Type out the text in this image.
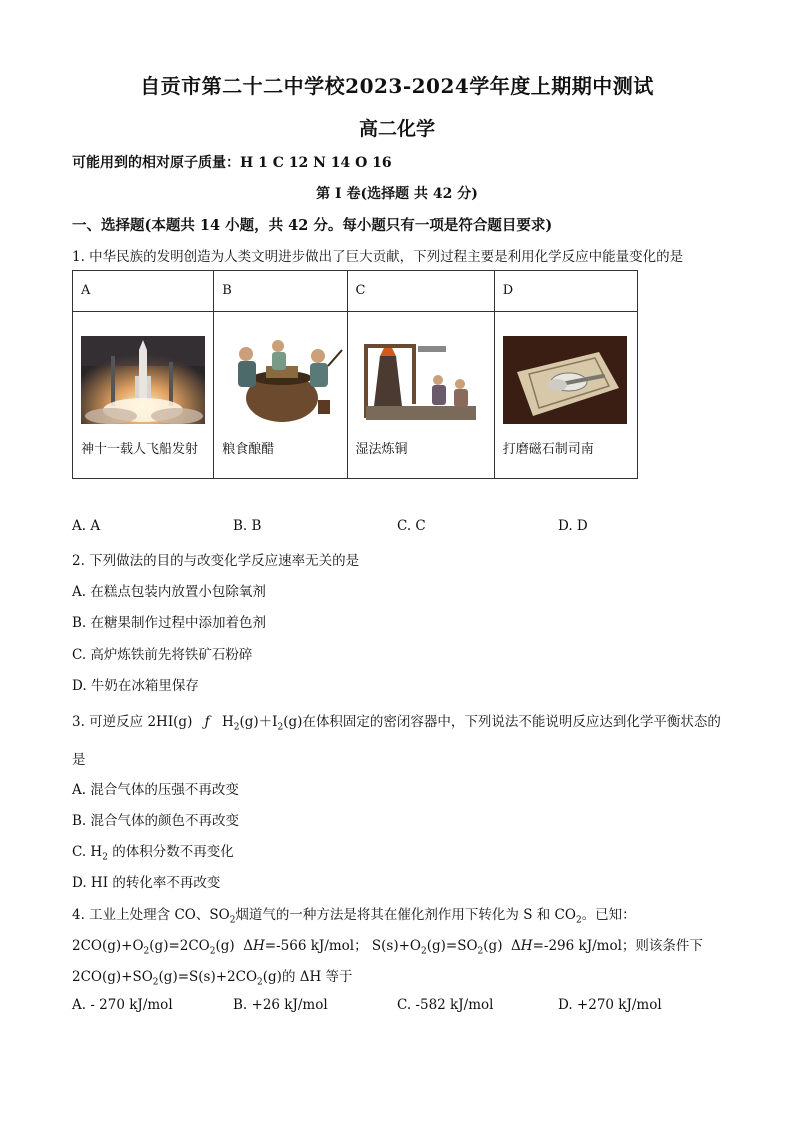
自贡市第二十二中学校2023-2024学年度上期期中测试
高二化学
可能用到的相对原子质量：H 1 C 12 N 14 O 16
第 I 卷(选择题 共 42 分)
一、选择题(本题共 14 小题，共 42 分。每小题只有一项是符合题目要求)
1. 中华民族的发明创造为人类文明进步做出了巨大贡献，下列过程主要是利用化学反应中能量变化的是
A	B	C	D

神十一载人飞船发射	粮食酿醋	湿法炼铜	打磨磁石制司南
A. A	B. B	C. C	D. D
2. 下列做法的目的与改变化学反应速率无关的是
A. 在糕点包装内放置小包除氧剂
B. 在糖果制作过程中添加着色剂
C. 高炉炼铁前先将铁矿石粉碎
D. 牛奶在冰箱里保存
3. 可逆反应 2HI(g) ƒ $H_2(g)+I_2(g)$在体积固定的密闭容器中，下列说法不能说明反应达到化学平衡状态的
是
A. 混合气体的压强不再改变
B. 混合气体的颜色不再改变
C. $H_2$ 的体积分数不再变化
D. HI 的转化率不再改变
4. 工业上处理含 CO、$SO_2$烟道气的一种方法是将其在催化剂作用下转化为 S 和 $CO_2$。已知：
$2CO(g)+O_2(g)=2CO_2(g)$  ΔH=-566 kJ/mol； $S(s)+O_2(g)=SO_2(g)$  ΔH=-296 kJ/mol；则该条件下
$2CO(g)+SO_2(g)=S(s)+2CO_2(g)$的 ΔH 等于
A. - 270 kJ/mol	B. +26 kJ/mol	C. -582 kJ/mol	D. +270 kJ/mol
